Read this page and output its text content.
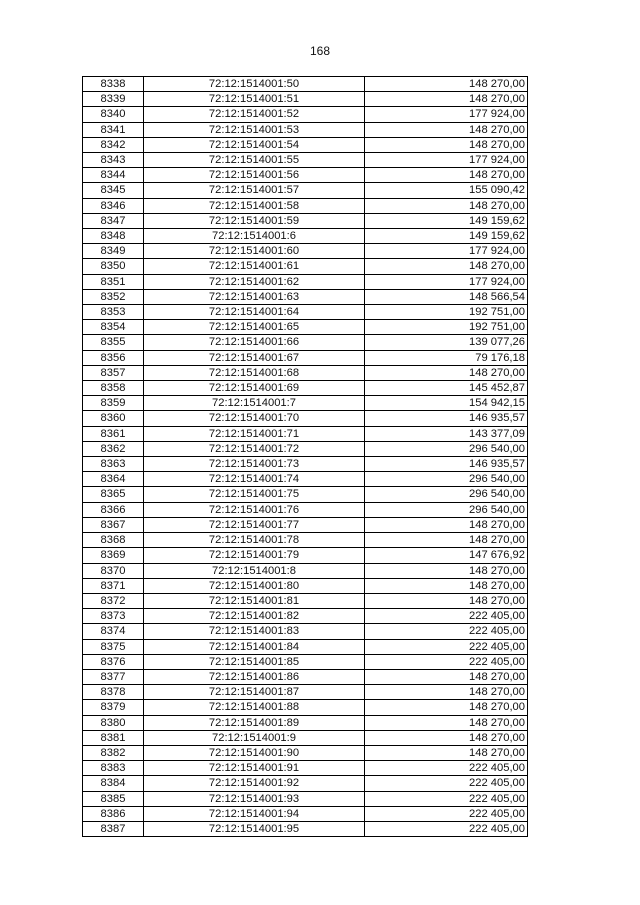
168
8338	72:12:1514001:50	148 270,00
8339	72:12:1514001:51	148 270,00
8340	72:12:1514001:52	177 924,00
8341	72:12:1514001:53	148 270,00
8342	72:12:1514001:54	148 270,00
8343	72:12:1514001:55	177 924,00
8344	72:12:1514001:56	148 270,00
8345	72:12:1514001:57	155 090,42
8346	72:12:1514001:58	148 270,00
8347	72:12:1514001:59	149 159,62
8348	72:12:1514001:6	149 159,62
8349	72:12:1514001:60	177 924,00
8350	72:12:1514001:61	148 270,00
8351	72:12:1514001:62	177 924,00
8352	72:12:1514001:63	148 566,54
8353	72:12:1514001:64	192 751,00
8354	72:12:1514001:65	192 751,00
8355	72:12:1514001:66	139 077,26
8356	72:12:1514001:67	79 176,18
8357	72:12:1514001:68	148 270,00
8358	72:12:1514001:69	145 452,87
8359	72:12:1514001:7	154 942,15
8360	72:12:1514001:70	146 935,57
8361	72:12:1514001:71	143 377,09
8362	72:12:1514001:72	296 540,00
8363	72:12:1514001:73	146 935,57
8364	72:12:1514001:74	296 540,00
8365	72:12:1514001:75	296 540,00
8366	72:12:1514001:76	296 540,00
8367	72:12:1514001:77	148 270,00
8368	72:12:1514001:78	148 270,00
8369	72:12:1514001:79	147 676,92
8370	72:12:1514001:8	148 270,00
8371	72:12:1514001:80	148 270,00
8372	72:12:1514001:81	148 270,00
8373	72:12:1514001:82	222 405,00
8374	72:12:1514001:83	222 405,00
8375	72:12:1514001:84	222 405,00
8376	72:12:1514001:85	222 405,00
8377	72:12:1514001:86	148 270,00
8378	72:12:1514001:87	148 270,00
8379	72:12:1514001:88	148 270,00
8380	72:12:1514001:89	148 270,00
8381	72:12:1514001:9	148 270,00
8382	72:12:1514001:90	148 270,00
8383	72:12:1514001:91	222 405,00
8384	72:12:1514001:92	222 405,00
8385	72:12:1514001:93	222 405,00
8386	72:12:1514001:94	222 405,00
8387	72:12:1514001:95	222 405,00
